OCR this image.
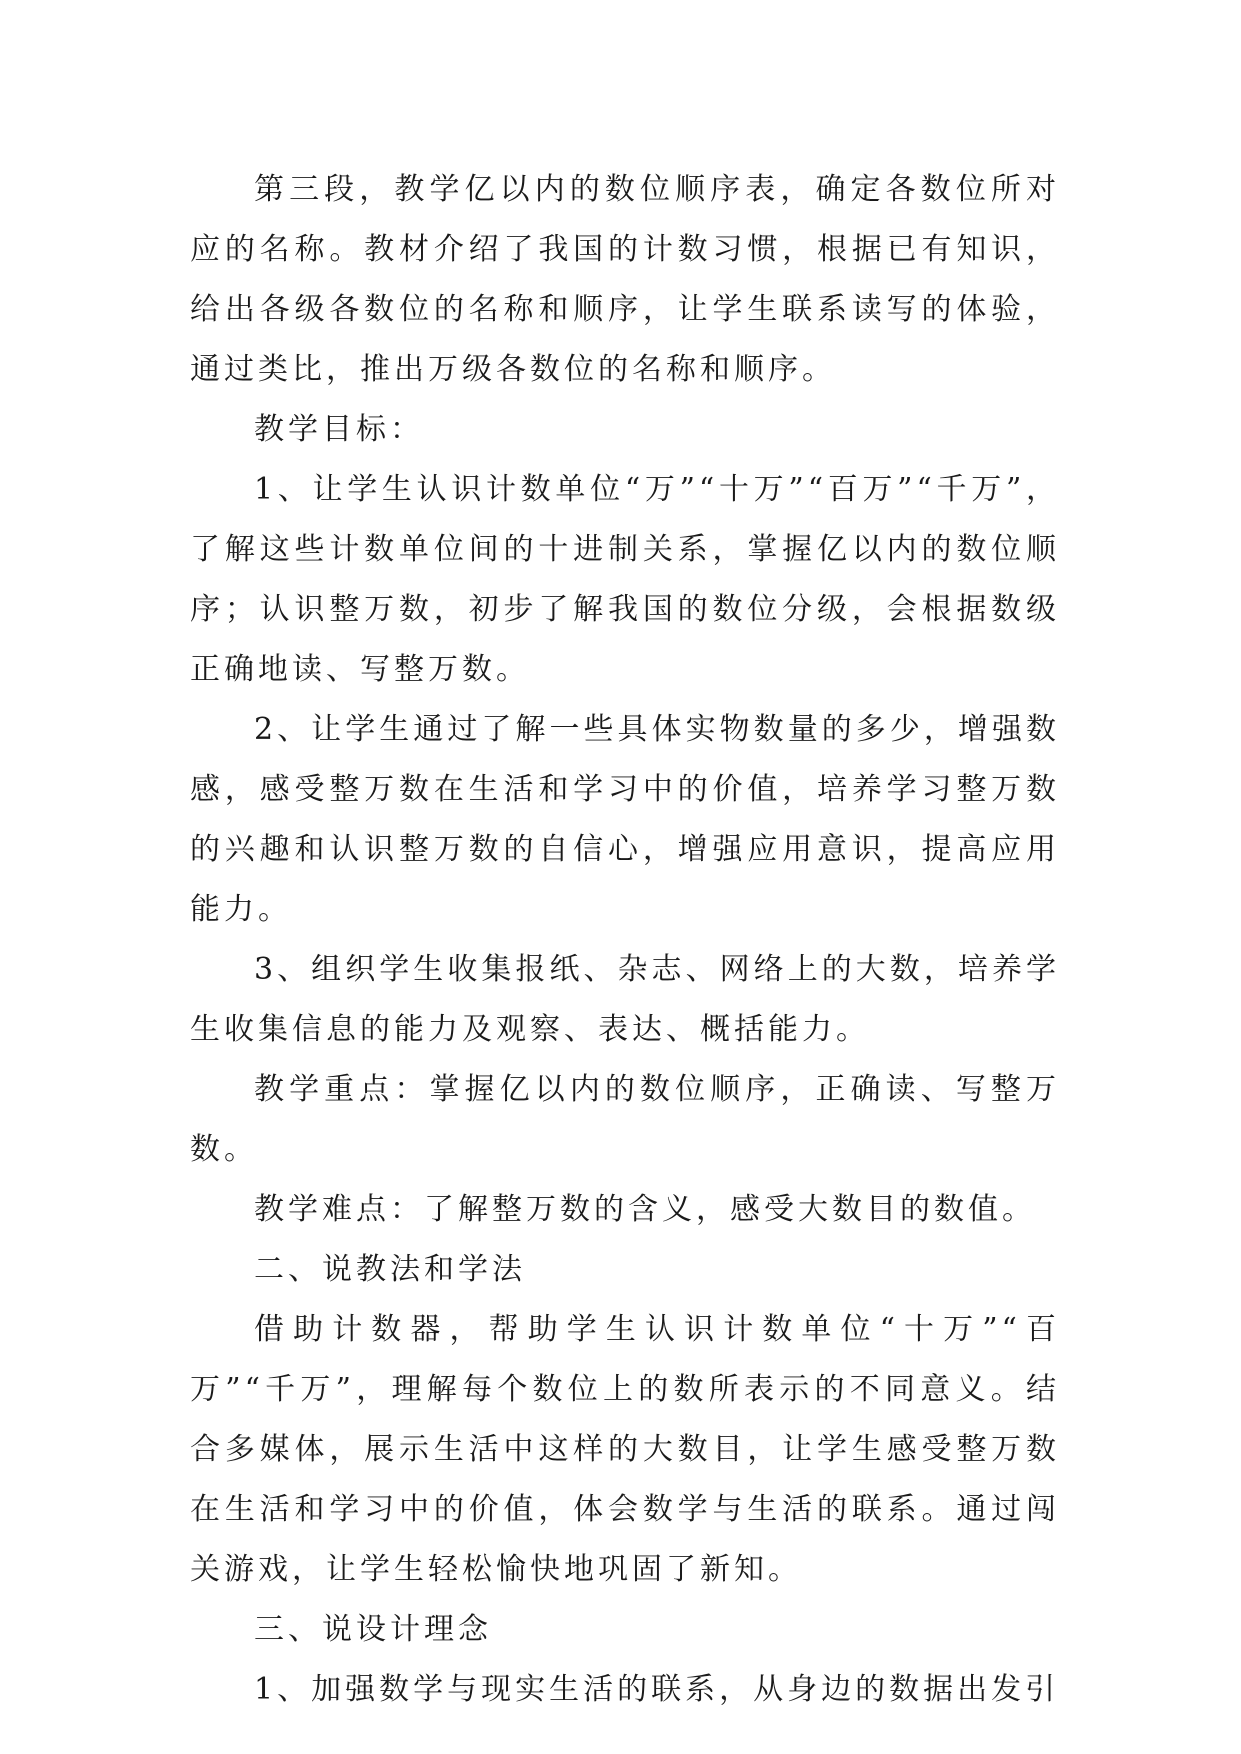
第三段，教学亿以内的数位顺序表，确定各数位所对应的名称。教材介绍了我国的计数习惯，根据已有知识，给出各级各数位的名称和顺序，让学生联系读写的体验，通过类比，推出万级各数位的名称和顺序。

教学目标：

1、让学生认识计数单位“万”“十万”“百万”“千万”，了解这些计数单位间的十进制关系，掌握亿以内的数位顺序；认识整万数，初步了解我国的数位分级，会根据数级正确地读、写整万数。

2、让学生通过了解一些具体实物数量的多少，增强数感，感受整万数在生活和学习中的价值，培养学习整万数的兴趣和认识整万数的自信心，增强应用意识，提高应用能力。

3、组织学生收集报纸、杂志、网络上的大数，培养学生收集信息的能力及观察、表达、概括能力。

教学重点：掌握亿以内的数位顺序，正确读、写整万数。

教学难点：了解整万数的含义，感受大数目的数值。

二、说教法和学法

借助计数器，帮助学生认识计数单位“十万”“百万”“千万”，理解每个数位上的数所表示的不同意义。结合多媒体，展示生活中这样的大数目，让学生感受整万数在生活和学习中的价值，体会数学与生活的联系。通过闯关游戏，让学生轻松愉快地巩固了新知。

三、说设计理念

1、加强数学与现实生活的联系，从身边的数据出发引
